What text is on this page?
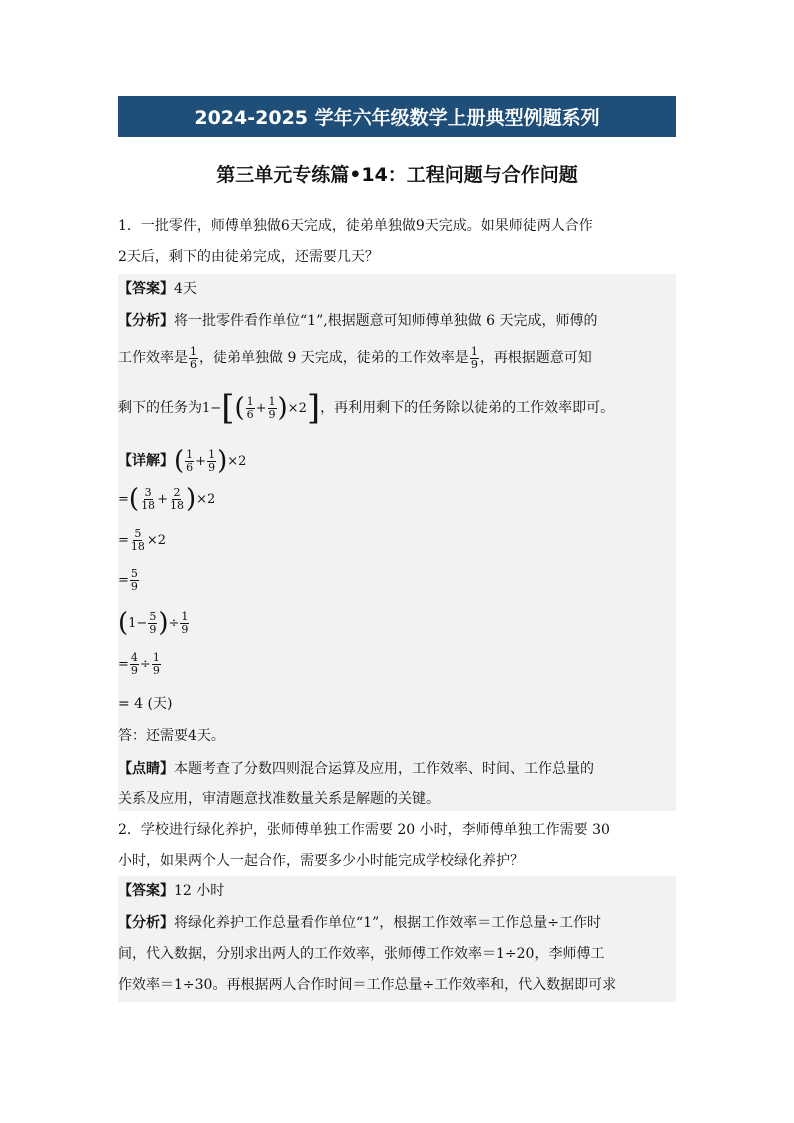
2024-2025 学年六年级数学上册典型例题系列
第三单元专练篇•14：工程问题与合作问题
1．一批零件，师傅单独做6天完成，徒弟单独做9天完成。如果师徒两人合作
2天后，剩下的由徒弟完成，还需要几天？
【答案】4天
【分析】将一批零件看作单位“1”,根据题意可知师傅单独做 6 天完成，师傅的
工作效率是 $\frac{1}{6}$ ，徒弟单独做 9 天完成，徒弟的工作效率是 $\frac{1}{9}$ ，再根据题意可知
剩下的任务为$1-[( \frac{1}{6} + \frac{1}{9} )\times 2]$，再利用剩下的任务除以徒弟的工作效率即可。
【详解】( $\frac{1}{6} + \frac{1}{9} )\times 2$
=( $\frac{3}{18} + \frac{2}{18} )\times 2$
= $\frac{5}{18} \times 2$
= $\frac{5}{9}$
($1- \frac{5}{9}$ )÷ $\frac{1}{9}$
= $\frac{4}{9} \div \frac{1}{9}$
= 4 (天)
答：还需要4天。
【点睛】本题考查了分数四则混合运算及应用，工作效率、时间、工作总量的
关系及应用，审清题意找准数量关系是解题的关键。
2．学校进行绿化养护，张师傅单独工作需要 20 小时，李师傅单独工作需要 30
小时，如果两个人一起合作，需要多少小时能完成学校绿化养护？
【答案】12 小时
【分析】将绿化养护工作总量看作单位“1”，根据工作效率＝工作总量÷工作时
间，代入数据，分别求出两人的工作效率，张师傅工作效率＝1÷20，李师傅工
作效率＝1÷30。再根据两人合作时间＝工作总量÷工作效率和，代入数据即可求
